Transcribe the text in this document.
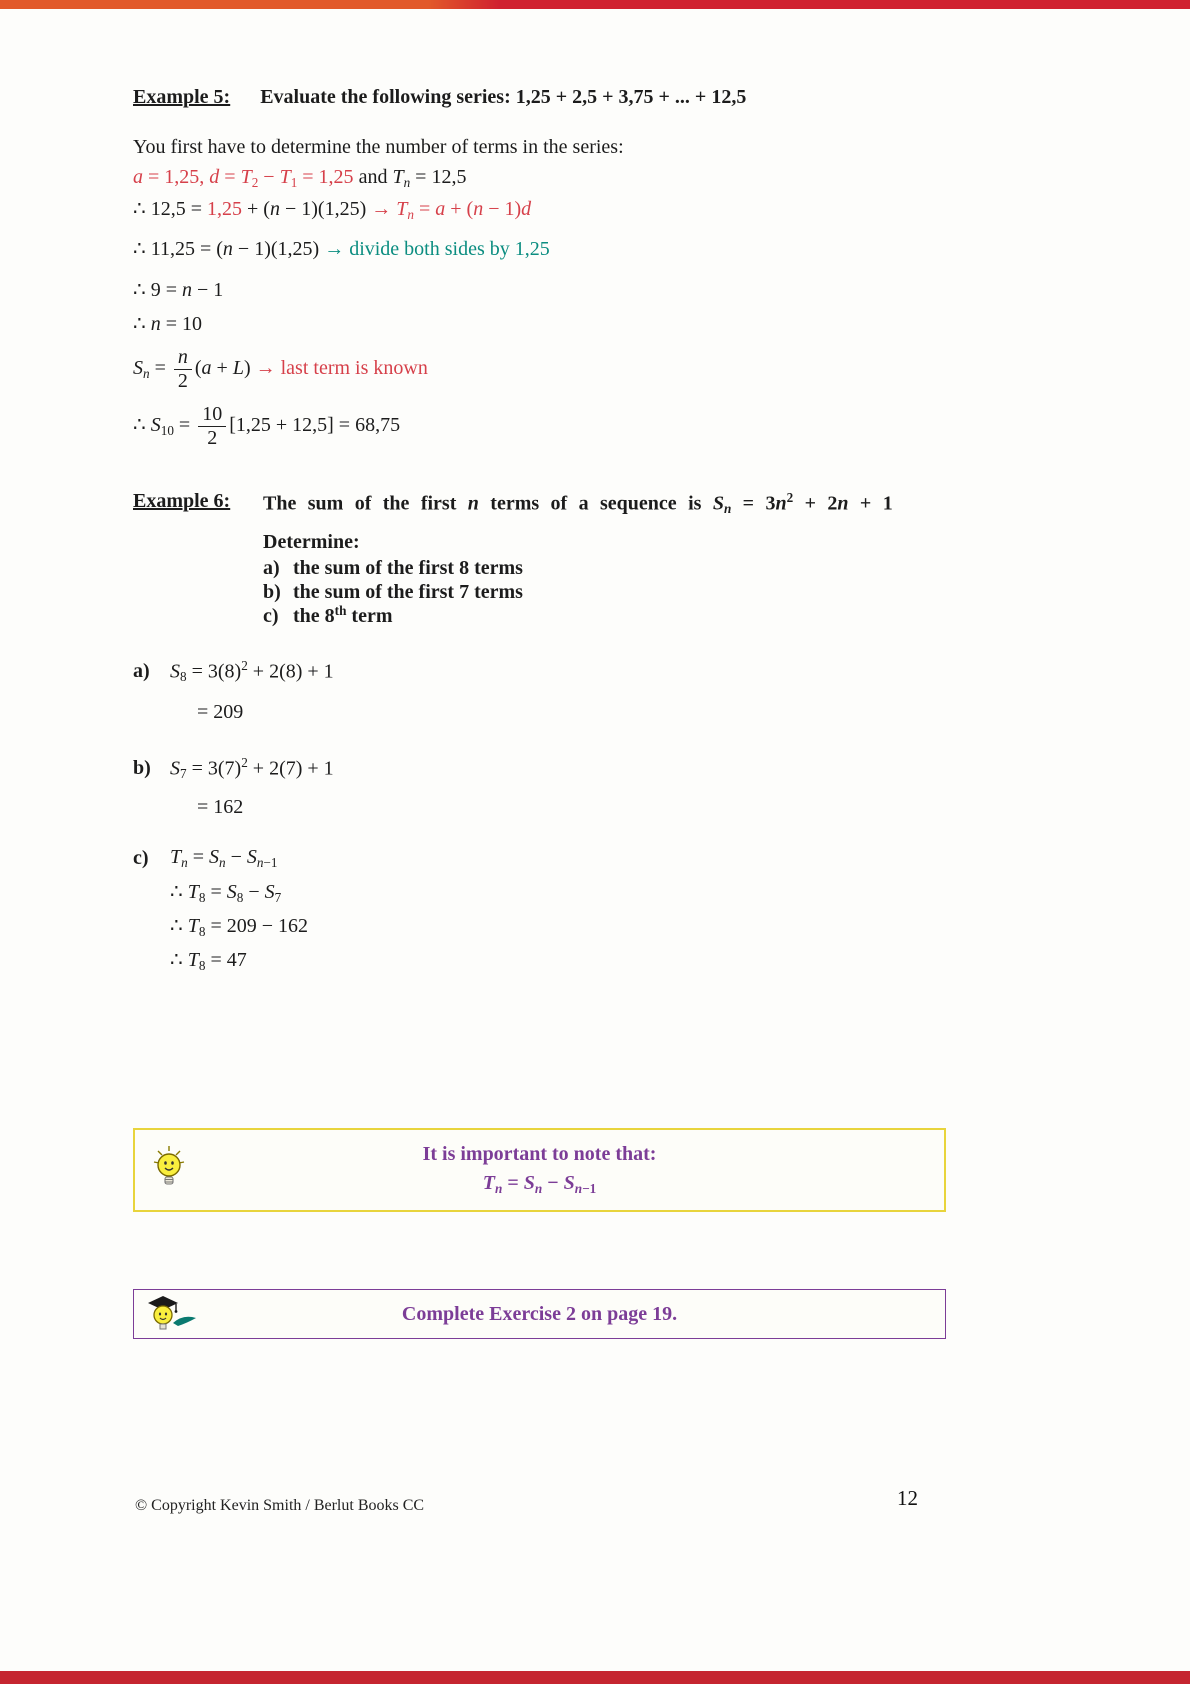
Example 5: Evaluate the following series: 1,25 + 2,5 + 3,75 + ... + 12,5
You first have to determine the number of terms in the series:
a = 1,25, $d = T_2 - T_1 = 1,25$ and $T_n = 12,5$
∴ $12,5 = 1,25 + (n - 1)(1,25) \to T_n = a + (n - 1)d$
∴ 11,25 = (n − 1)(1,25) → divide both sides by 1,25
∴ 9 = n − 1
∴ n = 10
$S_n = \frac{n}{2} (a + L)$ → last term is known
∴ $S_{10} = \frac{10}{2} [1,25 + 12,5] = 68,75$
Example 6: The sum of the first n terms of a sequence is $S_n = 3n^2 + 2n + 1$
Determine:
a) the sum of the first 8 terms
b) the sum of the first 7 terms
c) the 8th term
a) $S_8 = 3(8)^2 + 2(8) + 1$
= 209
b) $S_7 = 3(7)^2 + 2(7) + 1$
= 162
c) $T_n = S_n - S_{n-1}$
∴ $T_8 = S_8 - S_7$
∴ $T_8 = 209 - 162$
∴ $T_8 = 47$
It is important to note that:
$T_n = S_n - S_{n-1}$
Complete Exercise 2 on page 19.
© Copyright Kevin Smith / Berlut Books CC	12
